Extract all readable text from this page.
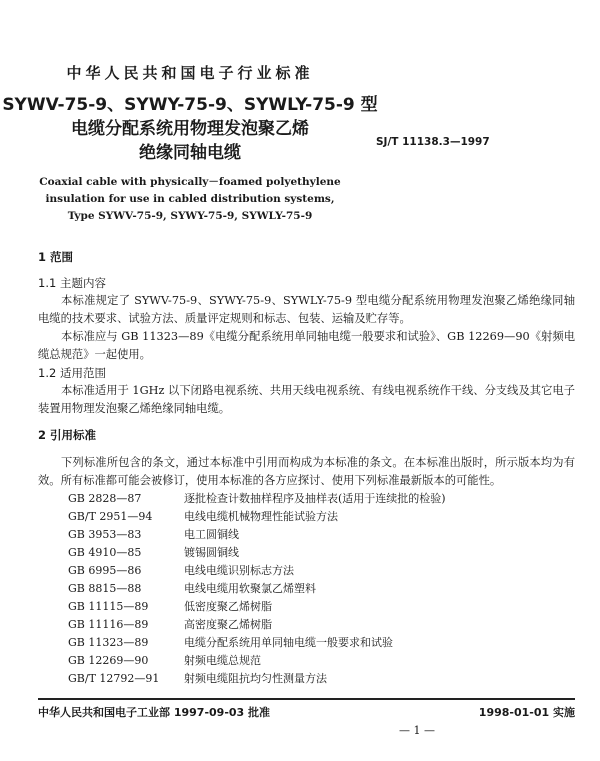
中华人民共和国电子行业标准
SYWV-75-9、SYWY-75-9、SYWLY-75-9 型
电缆分配系统用物理发泡聚乙烯
绝缘同轴电缆
SJ/T 11138.3—1997
Coaxial cable with physically－foamed polyethylene
insulation for use in cabled distribution systems,
Type SYWV-75-9, SYWY-75-9, SYWLY-75-9
1 范围
1.1 主题内容

本标准规定了 SYWV-75-9、SYWY-75-9、SYWLY-75-9 型电缆分配系统用物理发泡聚乙烯绝缘同轴电缆的技术要求、试验方法、质量评定规则和标志、包装、运输及贮存等。

本标准应与 GB 11323—89《电缆分配系统用单同轴电缆一般要求和试验》、GB 12269—90《射频电缆总规范》一起使用。

1.2 适用范围

本标准适用于 1GHz 以下闭路电视系统、共用天线电视系统、有线电视系统作干线、分支线及其它电子装置用物理发泡聚乙烯绝缘同轴电缆。

2 引用标准

下列标准所包含的条文，通过本标准中引用而构成为本标准的条文。在本标准出版时，所示版本均为有效。所有标准都可能会被修订，使用本标准的各方应探讨、使用下列标准最新版本的可能性。

GB 2828—87	逐批检查计数抽样程序及抽样表(适用于连续批的检验)
GB/T 2951—94	电线电缆机械物理性能试验方法
GB 3953—83	电工圆铜线
GB 4910—85	镀锡圆铜线
GB 6995—86	电线电缆识别标志方法
GB 8815—88	电线电缆用软聚氯乙烯塑料
GB 11115—89	低密度聚乙烯树脂
GB 11116—89	高密度聚乙烯树脂
GB 11323—89	电缆分配系统用单同轴电缆一般要求和试验
GB 12269—90	射频电缆总规范
GB/T 12792—91	射频电缆阻抗均匀性测量方法
中华人民共和国电子工业部 1997-09-03 批准	1998-01-01 实施
— 1 —
